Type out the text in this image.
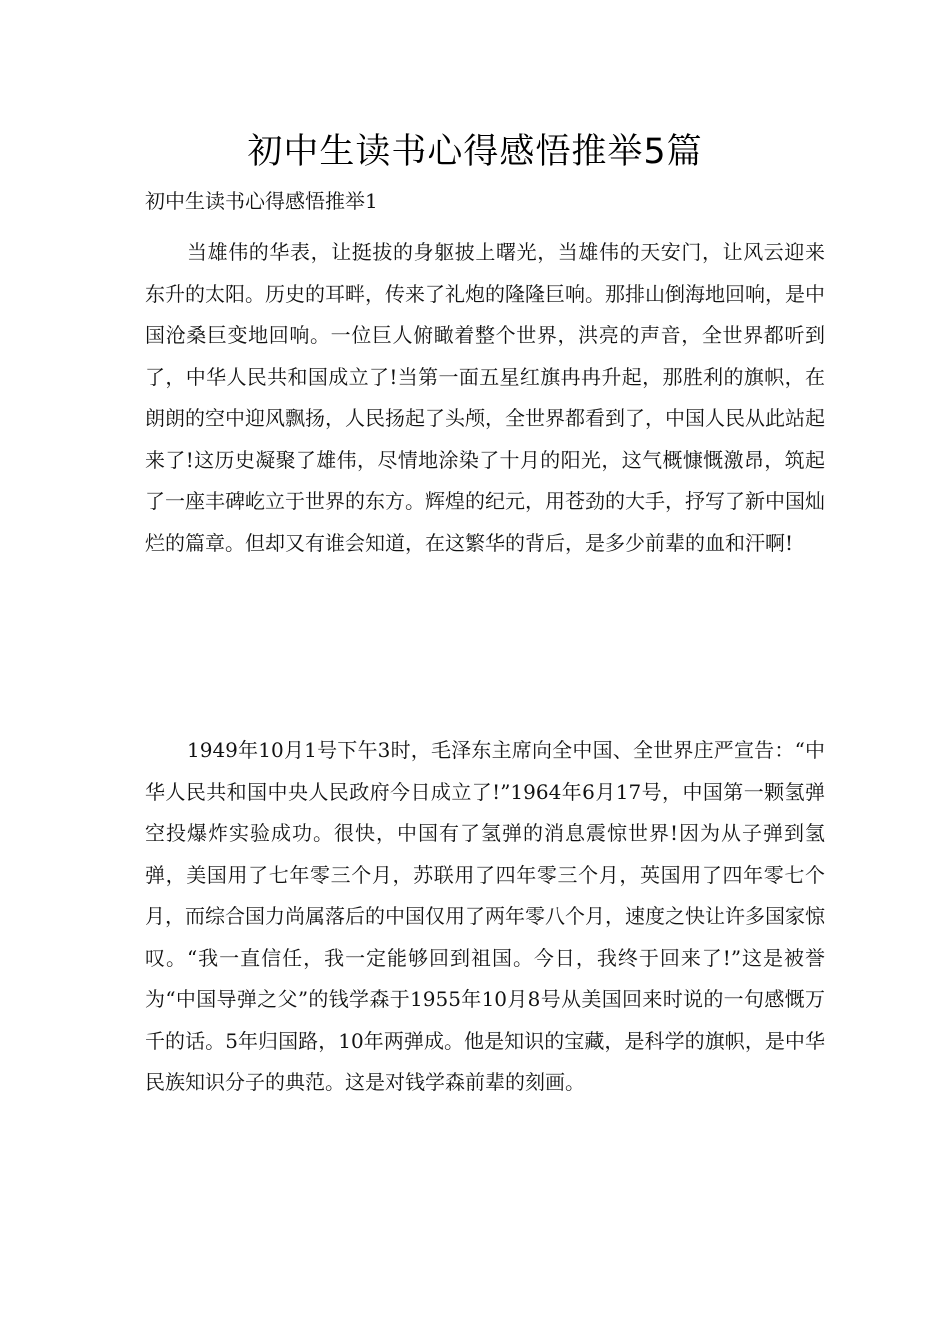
初中生读书心得感悟推举5篇

初中生读书心得感悟推举1

当雄伟的华表，让挺拔的身躯披上曙光，当雄伟的天安门，让风云迎来东升的太阳。历史的耳畔，传来了礼炮的隆隆巨响。那排山倒海地回响，是中国沧桑巨变地回响。一位巨人俯瞰着整个世界，洪亮的声音，全世界都听到了，中华人民共和国成立了!当第一面五星红旗冉冉升起，那胜利的旗帜，在朗朗的空中迎风飘扬，人民扬起了头颅，全世界都看到了，中国人民从此站起来了!这历史凝聚了雄伟，尽情地涂染了十月的阳光，这气概慷慨激昂，筑起了一座丰碑屹立于世界的东方。辉煌的纪元，用苍劲的大手，抒写了新中国灿烂的篇章。但却又有谁会知道，在这繁华的背后，是多少前辈的血和汗啊!

1949年10月1号下午3时，毛泽东主席向全中国、全世界庄严宣告：“中华人民共和国中央人民政府今日成立了!”1964年6月17号，中国第一颗氢弹空投爆炸实验成功。很快，中国有了氢弹的消息震惊世界!因为从子弹到氢弹，美国用了七年零三个月，苏联用了四年零三个月，英国用了四年零七个月，而综合国力尚属落后的中国仅用了两年零八个月，速度之快让许多国家惊叹。“我一直信任，我一定能够回到祖国。今日，我终于回来了!”这是被誉为“中国导弹之父”的钱学森于1955年10月8号从美国回来时说的一句感慨万千的话。5年归国路，10年两弹成。他是知识的宝藏，是科学的旗帜，是中华民族知识分子的典范。这是对钱学森前辈的刻画。
